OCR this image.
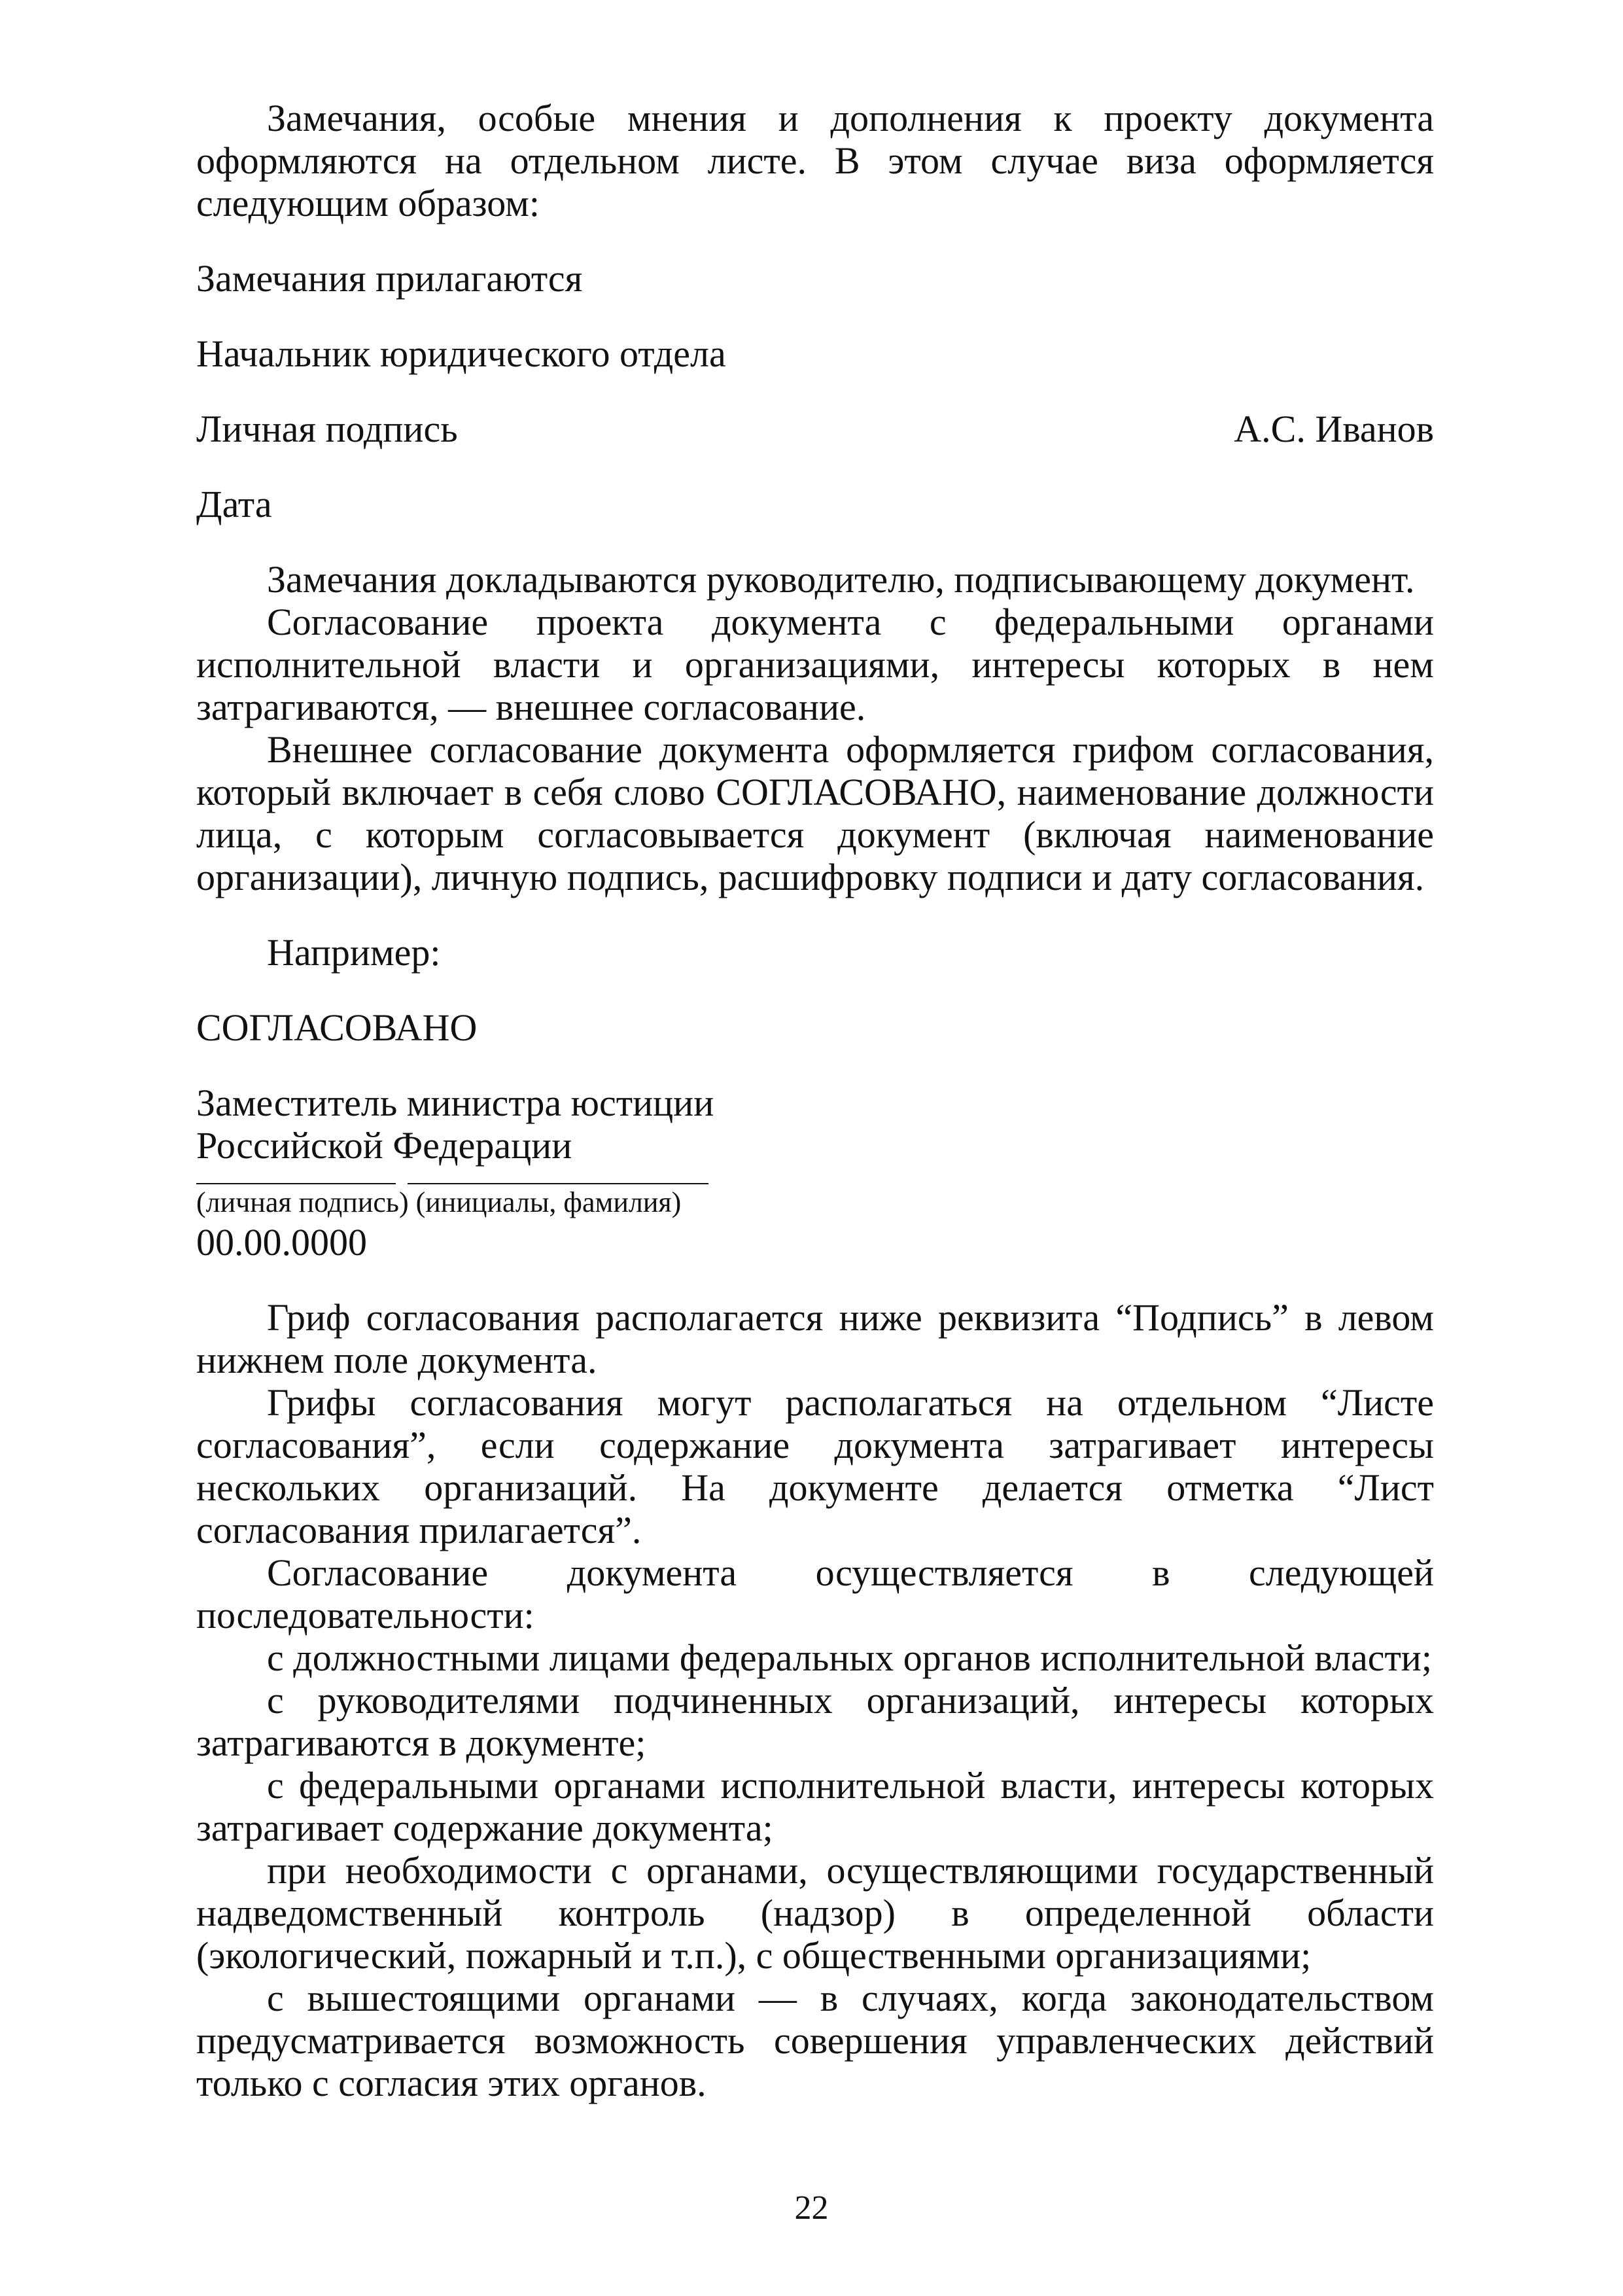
Замечания, особые мнения и дополнения к проекту документа оформляются на отдельном листе. В этом случае виза оформляется следующим образом:

Замечания прилагаются

Начальник юридического отдела

Личная подпись	А.С. Иванов

Дата

Замечания докладываются руководителю, подписывающему документ.

Согласование проекта документа с федеральными органами исполнительной власти и организациями, интересы которых в нем затрагиваются, — внешнее согласование.

Внешнее согласование документа оформляется грифом согласования, который включает в себя слово СОГЛАСОВАНО, наименование должности лица, с которым согласовывается документ (включая наименование организации), личную подпись, расшифровку подписи и дату согласования.

Например:

СОГЛАСОВАНО

Заместитель министра юстиции

Российской Федерации

(личная подпись) (инициалы, фамилия)

00.00.0000

Гриф согласования располагается ниже реквизита “Подпись” в левом нижнем поле документа.

Грифы согласования могут располагаться на отдельном “Листе согласования”, если содержание документа затрагивает интересы нескольких организаций. На документе делается отметка “Лист согласования прилагается”.

Согласование документа осуществляется в следующей последовательности:

с должностными лицами федеральных органов исполнительной власти;

с руководителями подчиненных организаций, интересы которых затрагиваются в документе;

с федеральными органами исполнительной власти, интересы которых затрагивает содержание документа;

при необходимости с органами, осуществляющими государственный надведомственный контроль (надзор) в определенной области (экологический, пожарный и т.п.), с общественными организациями;

с вышестоящими органами — в случаях, когда законодательством предусматривается возможность совершения управленческих действий только с согласия этих органов.

22
